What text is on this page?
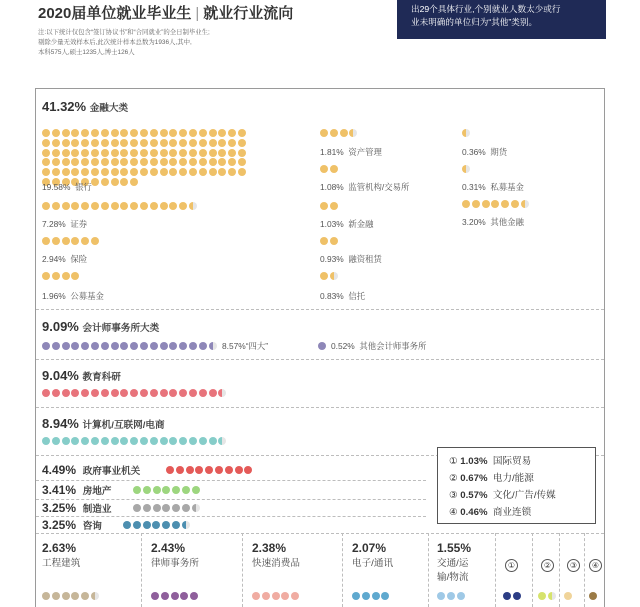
2020届单位就业毕业生 | 就业行业流向
注:以下统计仅包含“签订协议书”和“合同就业”的全日制毕业生;
剔除少量无效样本后,此次统计样本总数为1936人,其中,
本科575人,硕士1235人,博士126人
出29个具体行业,个别就业人数太少或行
业未明确的单位归为“其他”类别。
41.32% 金融大类
19.58% 银行
7.28% 证券
2.94% 保险
1.96% 公募基金
1.81% 资产管理
1.08% 监管机构/交易所
1.03% 新金融
0.93% 融资租赁
0.83% 信托
0.36% 期货
0.31% 私募基金
3.20% 其他金融
9.09% 会计师事务所大类
8.57%“四大”	0.52% 其他会计师事务所
9.04% 教育科研
8.94% 计算机/互联网/电商
4.49% 政府事业机关
3.41% 房地产
3.25% 制造业
3.25% 咨询
① 1.03% 国际贸易
② 0.67% 电力/能源
③ 0.57% 文化/广告/传媒
④ 0.46% 商业连锁
2.63%
工程建筑
2.43%
律师事务所
2.38%
快速消费品
2.07%
电子/通讯
1.55%
交通/运
输/物流
①	②	③	④
